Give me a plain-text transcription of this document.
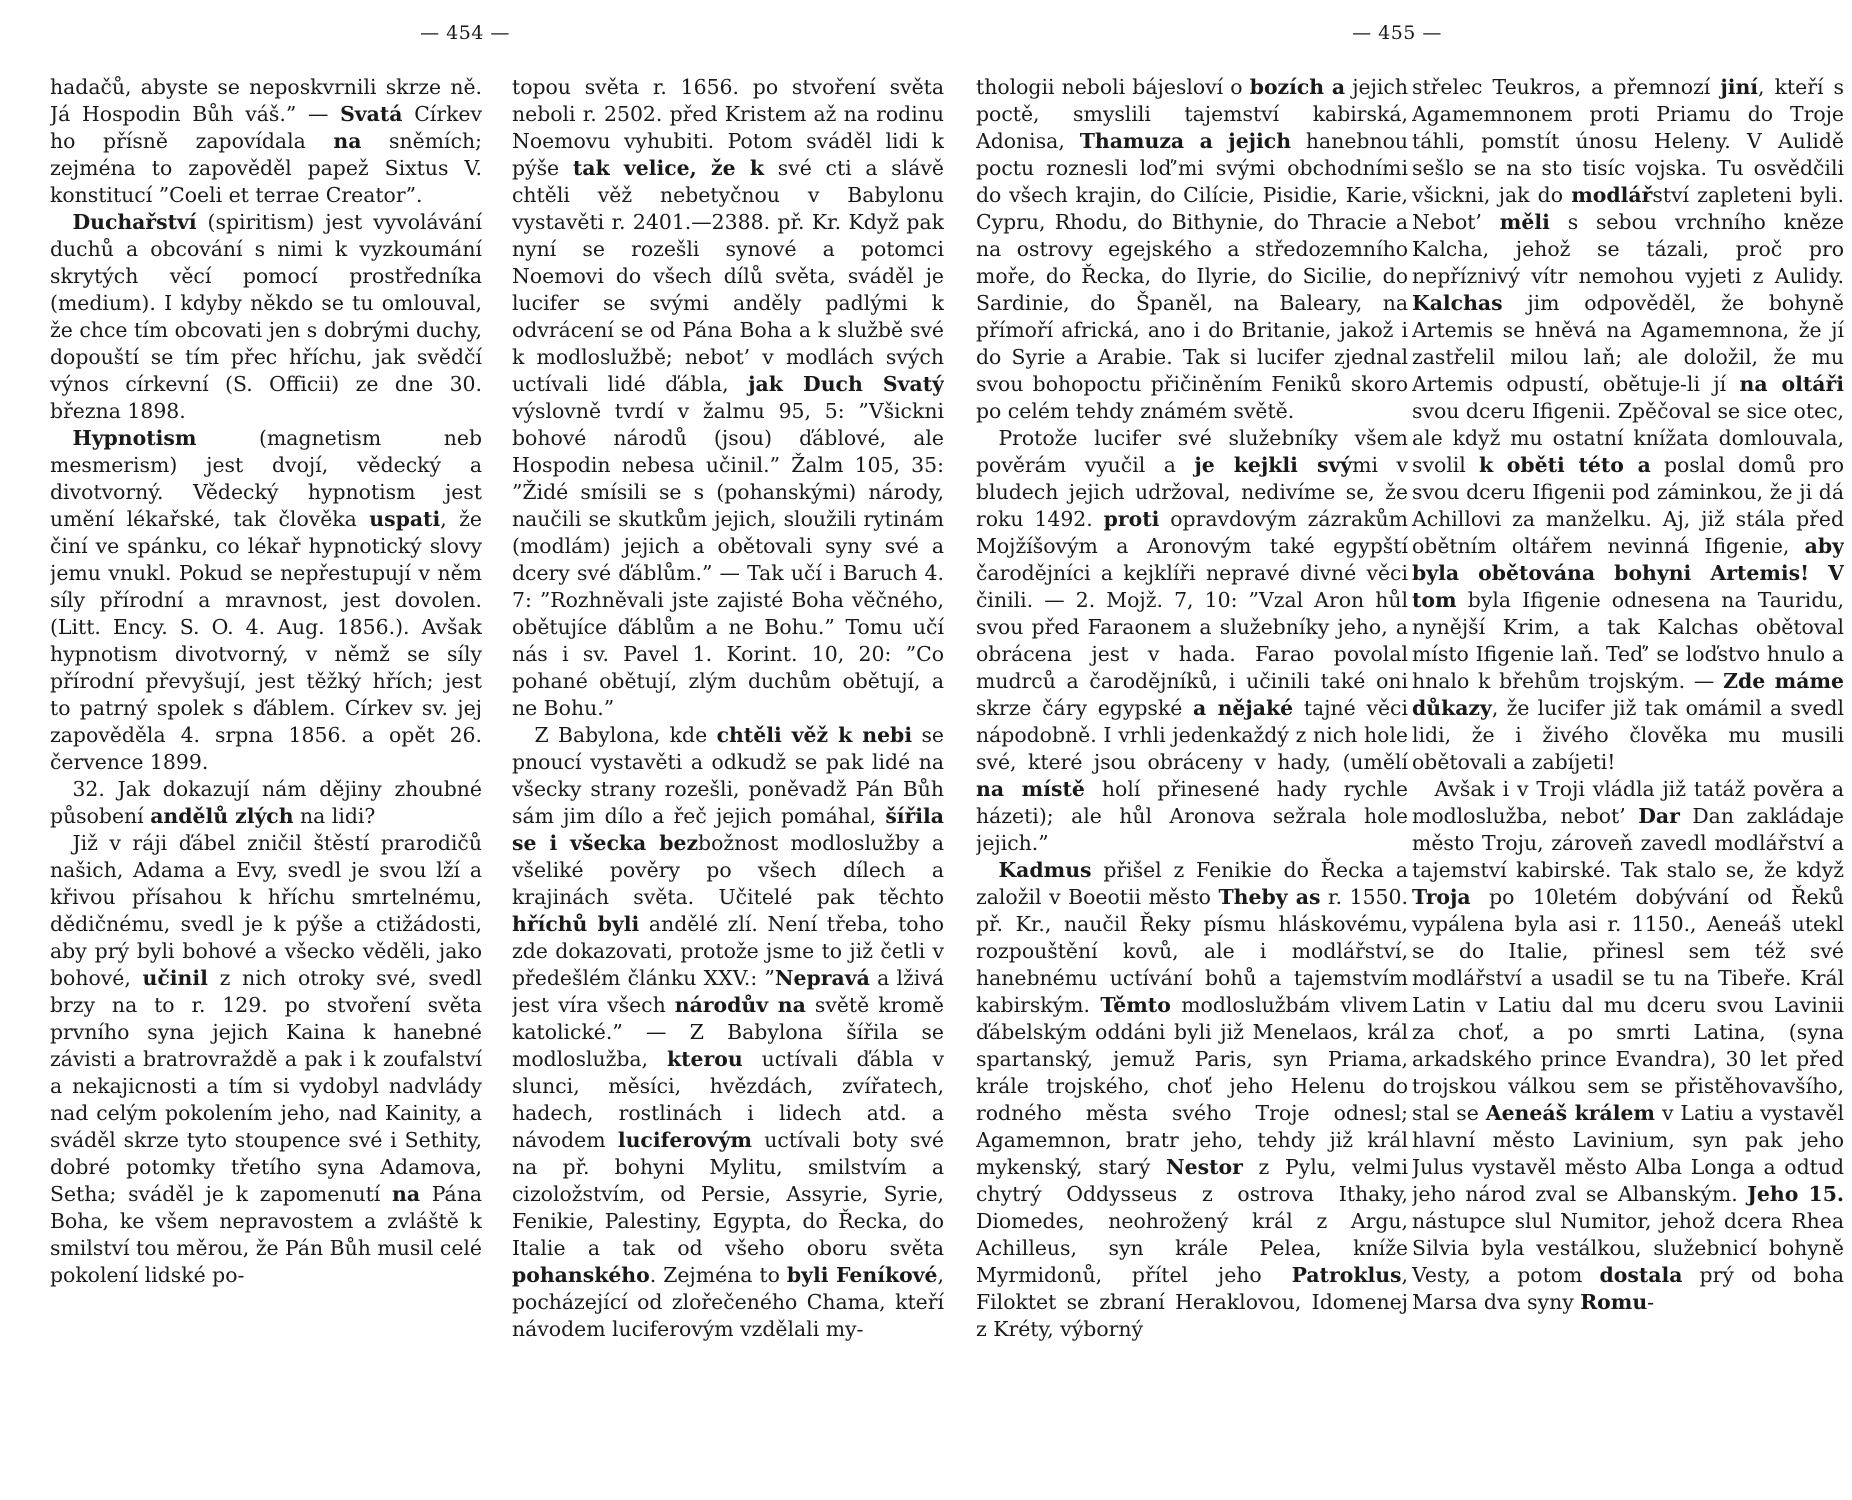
— 454 —	— 455 —

hadačů, abyste se neposkvrnili skrze ně. Já Hospodin Bůh váš.” — Svatá Církev ho přísně zapovídala na sněmích; zejména to zapověděl papež Sixtus V. konstitucí ”Coeli et terrae Creator”.

Duchařství (spiritism) jest vyvolávání duchů a obcování s nimi k vyzkoumání skrytých věcí pomocí prostředníka (medium). I kdyby někdo se tu omlouval, že chce tím obcovati jen s dobrými duchy, dopouští se tím přec hříchu, jak svědčí výnos církevní (S. Officii) ze dne 30. března 1898.

Hypnotism (magnetism neb mesmerism) jest dvojí, vědecký a divotvorný. Vědecký hypnotism jest umění lékařské, tak člověka uspati, že činí ve spánku, co lékař hypnotický slovy jemu vnukl. Pokud se nepřestupují v něm síly přírodní a mravnost, jest dovolen. (Litt. Ency. S. O. 4. Aug. 1856.). Avšak hypnotism divotvorný, v němž se síly přírodní převyšují, jest těžký hřích; jest to patrný spolek s ďáblem. Církev sv. jej zapověděla 4. srpna 1856. a opět 26. července 1899.

32. Jak dokazují nám dějiny zhoubné působení andělů zlých na lidi?

Již v ráji ďábel zničil štěstí prarodičů našich, Adama a Evy, svedl je svou lží a křivou přísahou k hříchu smrtelnému, dědičnému, svedl je k pýše a ctižádosti, aby prý byli bohové a všecko věděli, jako bohové, učinil z nich otroky své, svedl brzy na to r. 129. po stvoření světa prvního syna jejich Kaina k hanebné závisti a bratrovraždě a pak i k zoufalství a nekajicnosti a tím si vydobyl nadvlády nad celým pokolením jeho, nad Kainity, a sváděl skrze tyto stoupence své i Sethity, dobré potomky třetího syna Adamova, Setha; sváděl je k zapomenutí na Pána Boha, ke všem nepravostem a zvláště k smilství tou měrou, že Pán Bůh musil celé pokolení lidské po-

topou světa r. 1656. po stvoření světa neboli r. 2502. před Kristem až na rodinu Noemovu vyhubiti. Potom sváděl lidi k pýše tak velice, že k své cti a slávě chtěli věž nebetyčnou v Babylonu vystavěti r. 2401.—2388. př. Kr. Když pak nyní se rozešli synové a potomci Noemovi do všech dílů světa, sváděl je lucifer se svými anděly padlými k odvrácení se od Pána Boha a k službě své k modloslužbě; nebot’ v modlách svých uctívali lidé ďábla, jak Duch Svatý výslovně tvrdí v žalmu 95, 5: ”Všickni bohové národů (jsou) ďáblové, ale Hospodin nebesa učinil.” Žalm 105, 35: ”Židé smísili se s (pohanskými) národy, naučili se skutkům jejich, sloužili rytinám (modlám) jejich a obětovali syny své a dcery své ďáblům.” — Tak učí i Baruch 4. 7: ”Rozhněvali jste zajisté Boha věčného, obětujíce ďáblům a ne Bohu.” Tomu učí nás i sv. Pavel 1. Korint. 10, 20: ”Co pohané obětují, zlým duchům obětují, a ne Bohu.”

Z Babylona, kde chtěli věž k nebi se pnoucí vystavěti a odkudž se pak lidé na všecky strany rozešli, poněvadž Pán Bůh sám jim dílo a řeč jejich pomáhal, šířila se i všecka bezbožnost modloslužby a všeliké pověry po všech dílech a krajinách světa. Učitelé pak těchto hříchů byli andělé zlí. Není třeba, toho zde dokazovati, protože jsme to již četli v předešlém článku XXV.: ”Nepravá a lživá jest víra všech národův na světě kromě katolické.” — Z Babylona šířila se modloslužba, kterou uctívali ďábla v slunci, měsíci, hvězdách, zvířatech, hadech, rostlinách i lidech atd. a návodem luciferovým uctívali boty své na př. bohyni Mylitu, smilstvím a cizoložstvím, od Persie, Assyrie, Syrie, Fenikie, Palestiny, Egypta, do Řecka, do Italie a tak od všeho oboru světa pohanského. Zejména to byli Feníkové, pocházející od zlořečeného Chama, kteří návodem luciferovým vzdělali my-

thologii neboli bájesloví o bozích a jejich poctě, smyslili tajemství kabirská, Adonisa, Thamuza a jejich hanebnou poctu roznesli loď’mi svými obchodními do všech krajin, do Cilície, Pisidie, Karie, Cypru, Rhodu, do Bithynie, do Thracie a na ostrovy egejského a středozemního moře, do Řecka, do Ilyrie, do Sicilie, do Sardinie, do Španěl, na Baleary, na přímoří africká, ano i do Britanie, jakož i do Syrie a Arabie. Tak si lucifer zjednal svou bohopoctu přičiněním Feniků skoro po celém tehdy známém světě.

Protože lucifer své služebníky všem pověrám vyučil a je kejkli svými v bludech jejich udržoval, nedivíme se, že roku 1492. proti opravdovým zázrakům Mojžíšovým a Aronovým také egypští čarodějníci a kejklíři nepravé divné věci činili. — 2. Mojž. 7, 10: ”Vzal Aron hůl svou před Faraonem a služebníky jeho, a obrácena jest v hada. Farao povolal mudrců a čarodějníků, i učinili také oni skrze čáry egypské a nějaké tajné věci nápodobně. I vrhli jedenkaždý z nich hole své, které jsou obráceny v hady, (umělí na místě holí přinesené hady rychle házeti); ale hůl Aronova sežrala hole jejich.”

Kadmus přišel z Fenikie do Řecka a založil v Boeotii město Theby as r. 1550. př. Kr., naučil Řeky písmu hláskovému, rozpouštění kovů, ale i modlářství, hanebnému uctívání bohů a tajemstvím kabirským. Těmto modloslužbám vlivem ďábelským oddáni byli již Menelaos, král spartanský, jemuž Paris, syn Priama, krále trojského, choť jeho Helenu do rodného města svého Troje odnesl; Agamemnon, bratr jeho, tehdy již král mykenský, starý Nestor z Pylu, velmi chytrý Oddysseus z ostrova Ithaky, Diomedes, neohrožený král z Argu, Achilleus, syn krále Pelea, kníže Myrmidonů, přítel jeho Patroklus, Filoktet se zbraní Heraklovou, Idomenej z Kréty, výborný

střelec Teukros, a přemnozí jiní, kteří s Agamemnonem proti Priamu do Troje táhli, pomstít únosu Heleny. V Aulidě sešlo se na sto tisíc vojska. Tu osvědčili všickni, jak do modlářství zapleteni byli. Nebot’ měli s sebou vrchního kněze Kalcha, jehož se tázali, proč pro nepříznivý vítr nemohou vyjeti z Aulidy. Kalchas jim odpověděl, že bohyně Artemis se hněvá na Agamemnona, že jí zastřelil milou laň; ale doložil, že mu Artemis odpustí, obětuje-li jí na oltáři svou dceru Ifigenii. Zpěčoval se sice otec, ale když mu ostatní knížata domlouvala, svolil k oběti této a poslal domů pro svou dceru Ifigenii pod záminkou, že ji dá Achillovi za manželku. Aj, již stála před obětním oltářem nevinná Ifigenie, aby byla obětována bohyni Artemis! V tom byla Ifigenie odnesena na Tauridu, nynější Krim, a tak Kalchas obětoval místo Ifigenie laň. Teď’ se loďstvo hnulo a hnalo k břehům trojským. — Zde máme důkazy, že lucifer již tak omámil a svedl lidi, že i živého člověka mu musili obětovali a zabíjeti!

Avšak i v Troji vládla již tatáž pověra a modloslužba, nebot’ Dar Dan zakládaje město Troju, zároveň zavedl modlářství a tajemství kabirské. Tak stalo se, že když Troja po 10letém dobývání od Řeků vypálena byla asi r. 1150., Aeneáš utekl se do Italie, přinesl sem též své modlářství a usadil se tu na Tibeře. Král Latin v Latiu dal mu dceru svou Lavinii za choť, a po smrti Latina, (syna arkadského prince Evandra), 30 let před trojskou válkou sem se přistěhovavšího, stal se Aeneáš králem v Latiu a vystavěl hlavní město Lavinium, syn pak jeho Julus vystavěl město Alba Longa a odtud jeho národ zval se Albanským. Jeho 15. nástupce slul Numitor, jehož dcera Rhea Silvia byla vestálkou, služebnicí bohyně Vesty, a potom dostala prý od boha Marsa dva syny Romu-
